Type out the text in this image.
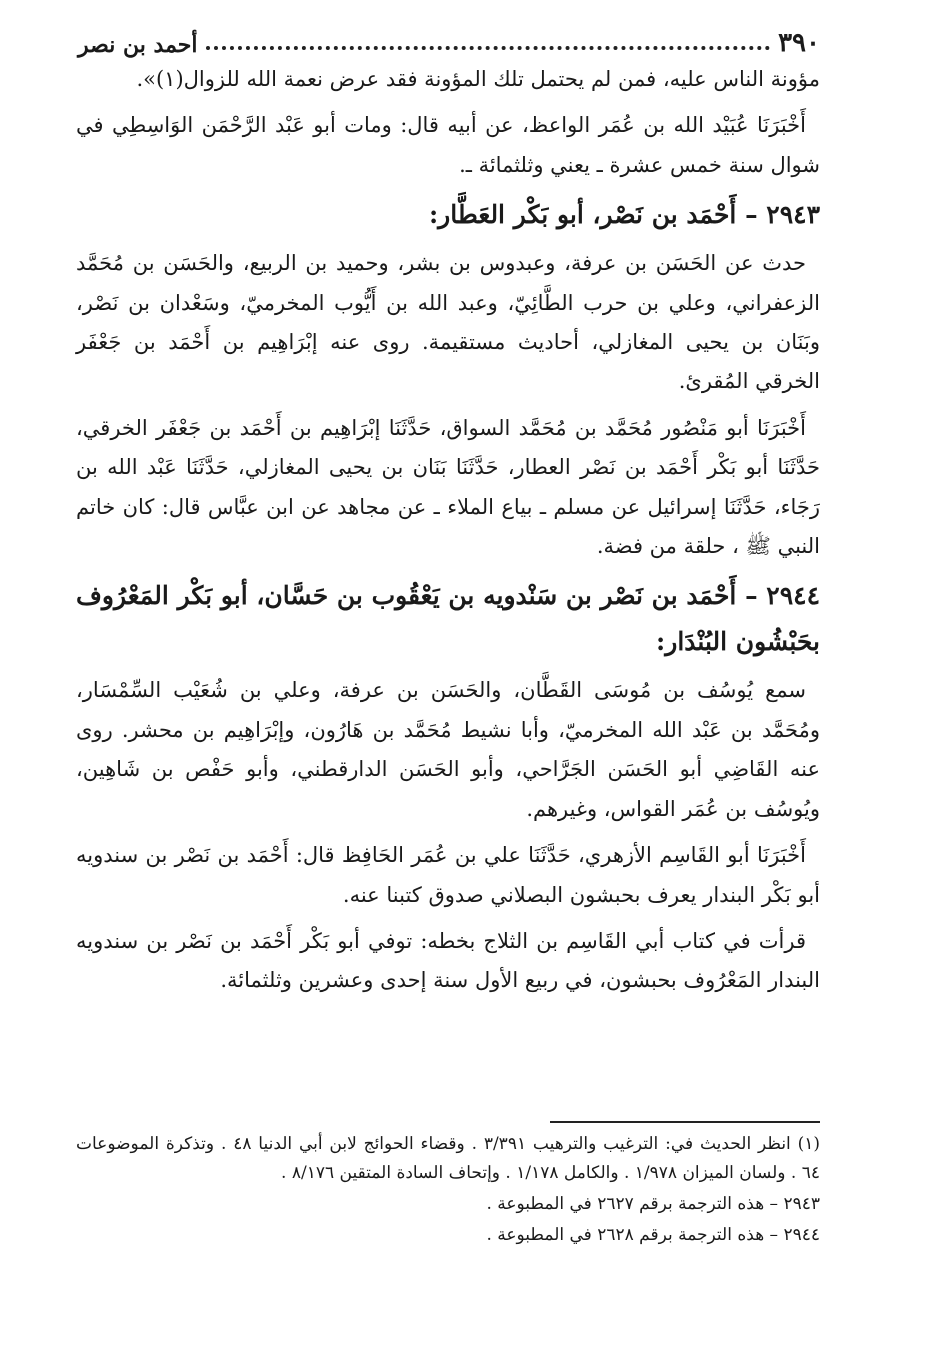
٣٩٠
أحمد بن نصر

مؤونة الناس عليه، فمن لم يحتمل تلك المؤونة فقد عرض نعمة الله للزوال(١)».

أَخْبَرَنَا عُبَيْد الله بن عُمَر الواعظ، عن أبيه قال: ومات أبو عَبْد الرَّحْمَن الوَاسِطِي في شوال سنة خمس عشرة ـ يعني وثلثمائة ـ.

٢٩٤٣ – أَحْمَد بن نَصْر، أبو بَكْر العَطَّار:

حدث عن الحَسَن بن عرفة، وعبدوس بن بشر، وحميد بن الربيع، والحَسَن بن مُحَمَّد الزعفراني، وعلي بن حرب الطَّائِيّ، وعبد الله بن أَيُّوب المخرميّ، وسَعْدان بن نَصْر، وبَنَان بن يحيى المغازلي، أحاديث مستقيمة. روى عنه إبْرَاهِيم بن أَحْمَد بن جَعْفَر الخرقي المُقرئ.

أَخْبَرَنَا أبو مَنْصُور مُحَمَّد بن مُحَمَّد السواق، حَدَّثَنَا إبْرَاهِيم بن أَحْمَد بن جَعْفَر الخرقي، حَدَّثَنَا أبو بَكْر أَحْمَد بن نَصْر العطار، حَدَّثَنَا بَنَان بن يحيى المغازلي، حَدَّثَنَا عَبْد الله بن رَجَاء، حَدَّثَنَا إسرائيل عن مسلم ـ بياع الملاء ـ عن مجاهد عن ابن عبَّاس قال: كان خاتم النبي ﷺ ، حلقة من فضة.

٢٩٤٤ – أَحْمَد بن نَصْر بن سَنْدويه بن يَعْقُوب بن حَسَّان، أبو بَكْر المَعْرُوف بحَبْشُون البُنْدَار:

سمع يُوسُف بن مُوسَى القَطَّان، والحَسَن بن عرفة، وعلي بن شُعَيْب السِّمْسَار، ومُحَمَّد بن عَبْد الله المخرميّ، وأبا نشيط مُحَمَّد بن هَارُون، وإبْرَاهِيم بن محشر. روى عنه القَاضِي أبو الحَسَن الجَرَّاحي، وأبو الحَسَن الدارقطني، وأبو حَفْص بن شَاهِين، ويُوسُف بن عُمَر القواس، وغيرهم.

أَخْبَرَنَا أبو القَاسِم الأزهري، حَدَّثَنَا علي بن عُمَر الحَافِظ قال: أَحْمَد بن نَصْر بن سندويه أبو بَكْر البندار يعرف بحبشون البصلاني صدوق كتبنا عنه.

قرأت في كتاب أبي القَاسِم بن الثلاج بخطه: توفي أبو بَكْر أَحْمَد بن نَصْر بن سندويه البندار المَعْرُوف بحبشون، في ربيع الأول سنة إحدى وعشرين وثلثمائة.

(١) انظر الحديث في: الترغيب والترهيب ٣/٣٩١ . وقضاء الحوائج لابن أبي الدنيا ٤٨ . وتذكرة الموضوعات ٦٤ . ولسان الميزان ١/٩٧٨ . والكامل ١/١٧٨ . وإتحاف السادة المتقين ٨/١٧٦ .

٢٩٤٣ – هذه الترجمة برقم ٢٦٢٧ في المطبوعة .

٢٩٤٤ – هذه الترجمة برقم ٢٦٢٨ في المطبوعة .
